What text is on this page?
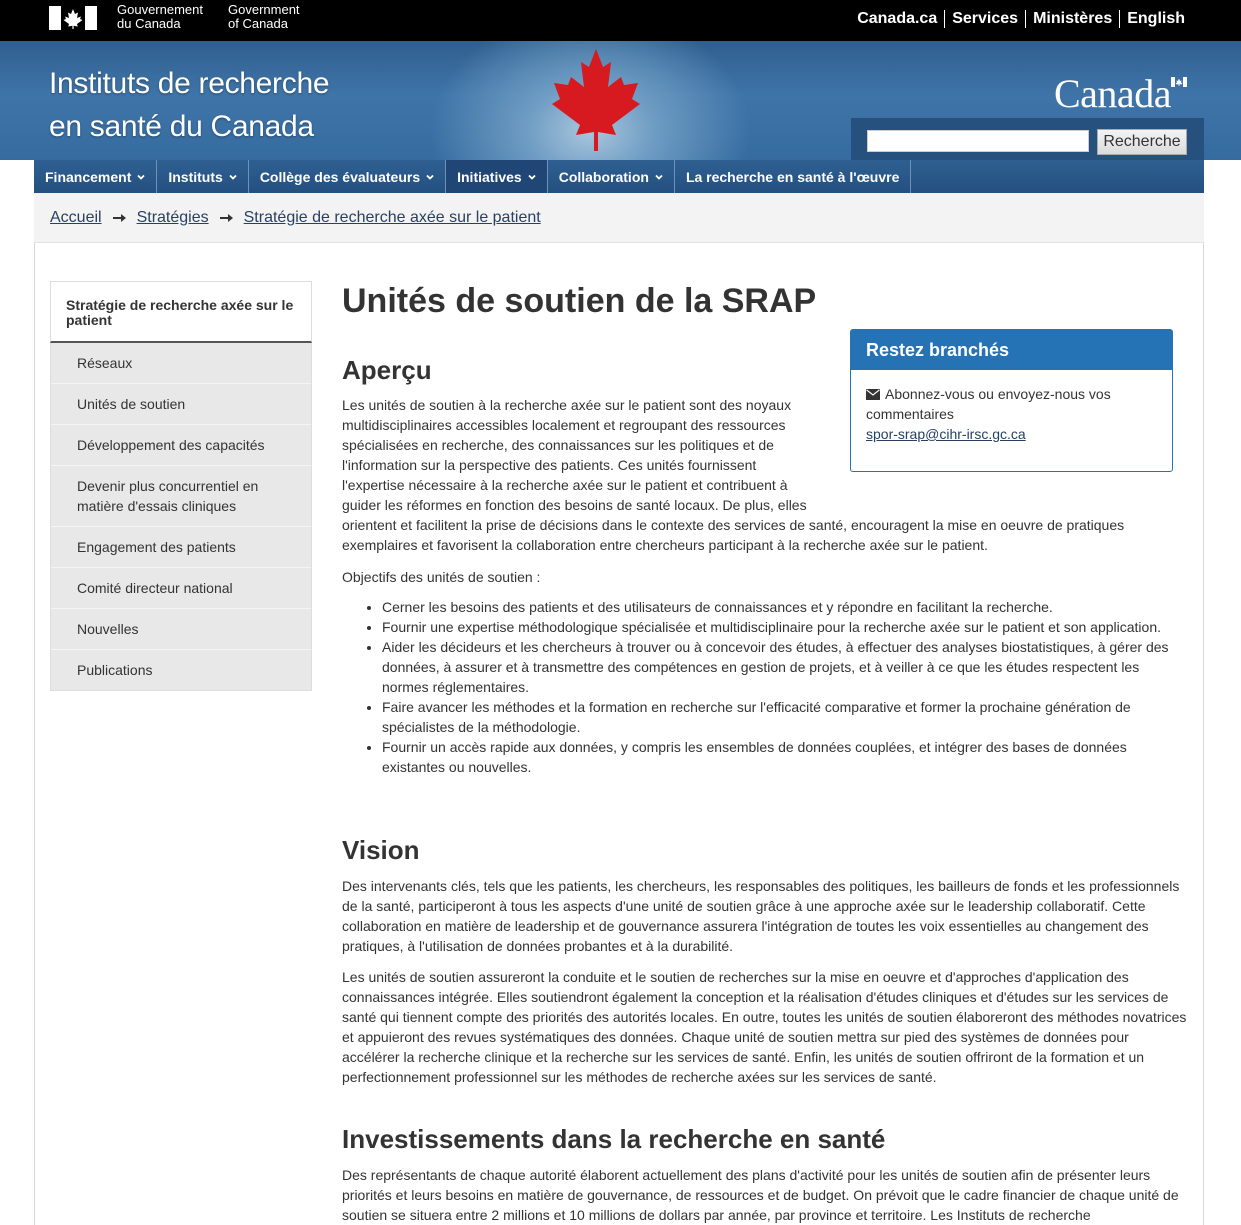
Gouvernement
du Canada
Government
of Canada	Canada.ca Services Ministères English
Instituts de recherche
en santé du Canada
Canada
Recherche
Financement	Instituts	Collège des évaluateurs	Initiatives	Collaboration	La recherche en santé à l'œuvre
Accueil Stratégies Stratégie de recherche axée sur le patient
Stratégie de recherche axée sur le patient
Réseaux
Unités de soutien
Développement des capacités
Devenir plus concurrentiel en matière d'essais cliniques
Engagement des patients
Comité directeur national
Nouvelles
Publications
Unités de soutien de la SRAP
Aperçu

Les unités de soutien à la recherche axée sur le patient sont des noyaux

multidisciplinaires accessibles localement et regroupant des ressources

spécialisées en recherche, des connaissances sur les politiques et de

l'information sur la perspective des patients. Ces unités fournissent

l'expertise nécessaire à la recherche axée sur le patient et contribuent à

guider les réformes en fonction des besoins de santé locaux. De plus, elles

orientent et facilitent la prise de décisions dans le contexte des services de santé, encouragent la mise en oeuvre de pratiques exemplaires et favorisent la collaboration entre chercheurs participant à la recherche axée sur le patient.

Objectifs des unités de soutien :

• Cerner les besoins des patients et des utilisateurs de connaissances et y répondre en facilitant la recherche.
• Fournir une expertise méthodologique spécialisée et multidisciplinaire pour la recherche axée sur le patient et son application.
• Aider les décideurs et les chercheurs à trouver ou à concevoir des études, à effectuer des analyses biostatistiques, à gérer des données, à assurer et à transmettre des compétences en gestion de projets, et à veiller à ce que les études respectent les normes réglementaires.
• Faire avancer les méthodes et la formation en recherche sur l'efficacité comparative et former la prochaine génération de spécialistes de la méthodologie.
• Fournir un accès rapide aux données, y compris les ensembles de données couplées, et intégrer des bases de données existantes ou nouvelles.
Vision

Des intervenants clés, tels que les patients, les chercheurs, les responsables des politiques, les bailleurs de fonds et les professionnels de la santé, participeront à tous les aspects d'une unité de soutien grâce à une approche axée sur le leadership collaboratif. Cette collaboration en matière de leadership et de gouvernance assurera l'intégration de toutes les voix essentielles au changement des pratiques, à l'utilisation de données probantes et à la durabilité.

Les unités de soutien assureront la conduite et le soutien de recherches sur la mise en oeuvre et d'approches d'application des connaissances intégrée. Elles soutiendront également la conception et la réalisation d'études cliniques et d'études sur les services de santé qui tiennent compte des priorités des autorités locales. En outre, toutes les unités de soutien élaboreront des méthodes novatrices et appuieront des revues systématiques des données. Chaque unité de soutien mettra sur pied des systèmes de données pour accélérer la recherche clinique et la recherche sur les services de santé. Enfin, les unités de soutien offriront de la formation et un perfectionnement professionnel sur les méthodes de recherche axées sur les services de santé.

Investissements dans la recherche en santé

Des représentants de chaque autorité élaborent actuellement des plans d'activité pour les unités de soutien afin de présenter leurs priorités et leurs besoins en matière de gouvernance, de ressources et de budget. On prévoit que le cadre financier de chaque unité de soutien se situera entre 2 millions et 10 millions de dollars par année, par province et territoire. Les Instituts de recherche

Restez branchés
Abonnez-vous ou envoyez-nous vos commentaires
spor-srap@cihr-irsc.gc.ca
